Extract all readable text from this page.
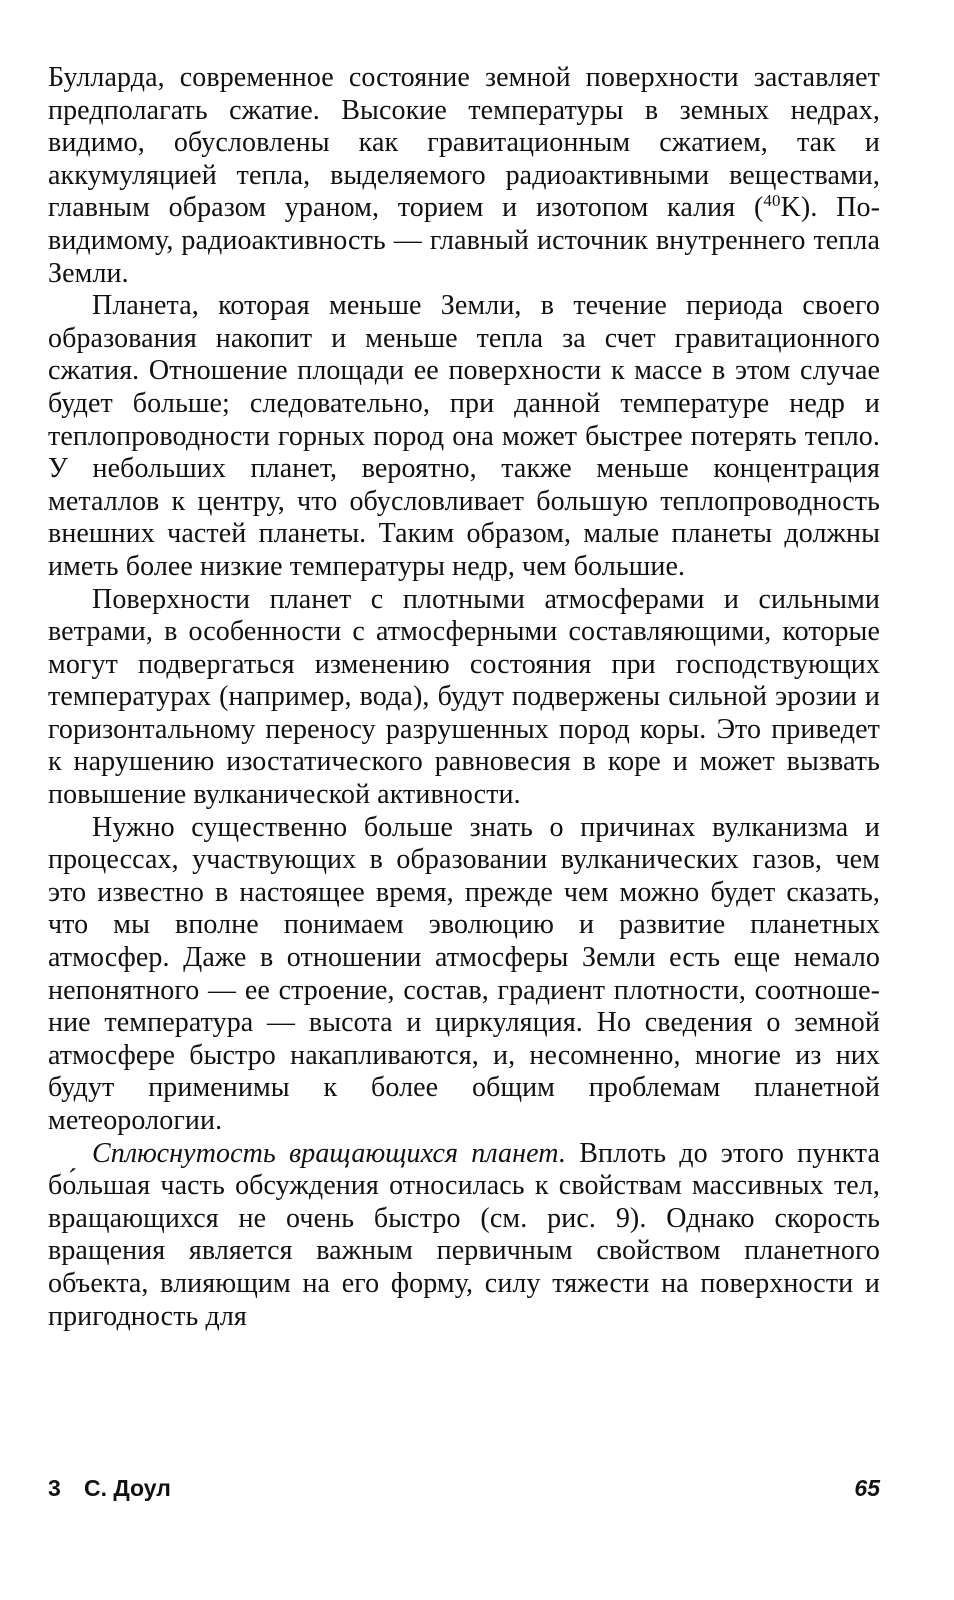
Булларда, современное состояние земной поверхности заставляет предполагать сжатие. Высокие температуры в земных недрах, видимо, обусловлены как гравитационным сжатием, так и аккумуляцией тепла, выделяемого радиоактивными веществами, главным образом ураном, торием и изотопом калия ($^{40}$K). По-видимому, радиоактивность — главный источник внутреннего тепла Земли.

Планета, которая меньше Земли, в течение периода своего образования накопит и меньше тепла за счет гравитационного сжатия. Отношение площади ее поверхности к массе в этом случае будет больше; следовательно, при данной температуре недр и теплопроводности горных пород она может быстрее потерять тепло. У небольших планет, вероятно, также меньше концентрация металлов к центру, что обусловливает большую теплопроводность внешних частей планеты. Таким образом, малые планеты должны иметь более низкие температуры недр, чем большие.

Поверхности планет с плотными атмосферами и сильными ветрами, в особенности с атмосферными составляющими, которые могут подвергаться изменению состояния при господствующих температурах (например, вода), будут подвержены сильной эрозии и горизонтальному переносу разрушенных пород коры. Это приведет к нарушению изостатического равновесия в коре и может вызвать повышение вулканической активности.

Нужно существенно больше знать о причинах вулканизма и процессах, участвующих в образовании вулканических газов, чем это известно в настоящее время, прежде чем можно будет сказать, что мы вполне понимаем эволюцию и развитие планетных атмосфер. Даже в отношении атмосферы Земли есть еще немало непонятного — ее строение, состав, градиент плотности, соотношение температура — высота и циркуляция. Но сведения о земной атмосфере быстро накапливаются, и, несомненно, многие из них будут применимы к более общим проблемам планетной метеорологии.

Сплюснутость вращающихся планет. Вплоть до этого пункта бо́льшая часть обсуждения относилась к свойствам массивных тел, вращающихся не очень быстро (см. рис. 9). Однако скорость вращения является важным первичным свойством планетного объекта, влияющим на его форму, силу тяжести на поверхности и пригодность для

3 С. Доул	65
